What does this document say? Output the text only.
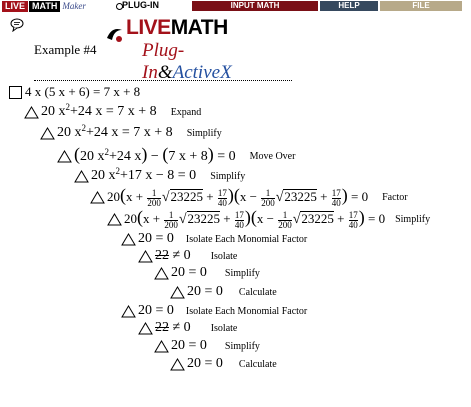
LIVE MATH Maker	PLUG-IN	INPUT MATH	HELP	FILE
Example #4
LIVEMATH
Plug-In&ActiveX
4 x (5 x + 6) = 7 x + 8
20 $x^2+24$ x = 7 x + 8 Expand
20 $x^2+24$ x = 7 x + 8 Simplify
(20 $x^2+24$ x) − (7 x + 8) = 0 Move Over
20 $x^2+17$ x − 8 = 0 Simplify
$20(x + \frac{1}{200} √23225 + \frac{17}{40} )(x - \frac{1}{200} √23225 + \frac{17}{40}$ ) = 0 Factor
$20(x + \frac{1}{200} √23225 + \frac{17}{40} )(x - \frac{1}{200} √23225 + \frac{17}{40}$ ) = 0 Simplify
20 = 0 Isolate Each Monomial Factor
22 ≠ 0 Isolate
20 = 0 Simplify
20 = 0 Calculate
20 = 0 Isolate Each Monomial Factor
22 ≠ 0 Isolate
20 = 0 Simplify
20 = 0 Calculate
